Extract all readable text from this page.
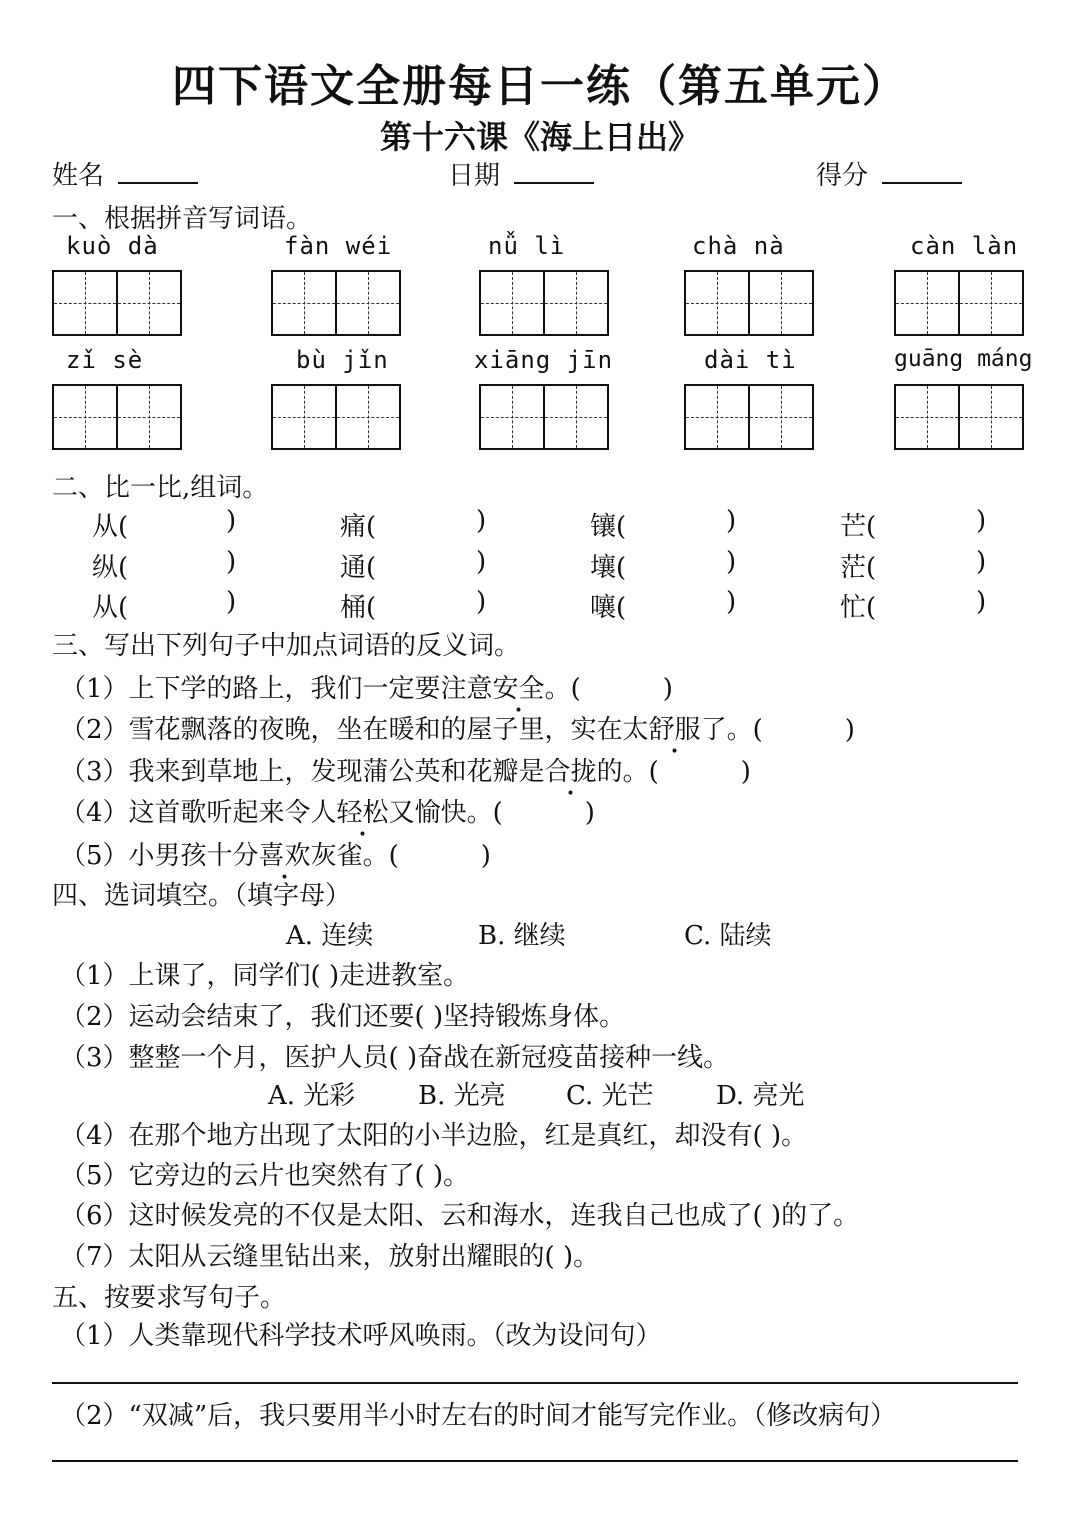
四下语文全册每日一练（第五单元）
第十六课《海上日出》
姓名	日期	得分
一、根据拼音写词语。
kuò dà	fàn wéi	nǚ lì	chà nà	càn làn
zǐ sè	bù jǐn	xiāng jīn	dài tì	guāng máng
二、比一比,组词。
从(	)	痛(	)	镶(	)	芒(	)
纵(	)	通(	)	壤(	)	茫(	)
从(	)	桶(	)	嚷(	)	忙(	)
三、写出下列句子中加点词语的反义词。
（1）上下学的路上，我们一定要注意安全。(	)
（2）雪花飘落的夜晚，坐在暖和的屋子里，实在太舒服了。(	)
（3）我来到草地上，发现蒲公英和花瓣是合拢的。(	)
（4）这首歌听起来令人轻松又愉快。(	)
（5）小男孩十分喜欢灰雀。(	)
四、选词填空。（填字母）
A. 连续	B. 继续	C. 陆续
（1）上课了，同学们( )走进教室。
（2）运动会结束了，我们还要( )坚持锻炼身体。
（3）整整一个月，医护人员( )奋战在新冠疫苗接种一线。
A. 光彩 B. 光亮 C. 光芒 D. 亮光
（4）在那个地方出现了太阳的小半边脸，红是真红，却没有( )。
（5）它旁边的云片也突然有了( )。
（6）这时候发亮的不仅是太阳、云和海水，连我自己也成了( )的了。
（7）太阳从云缝里钻出来，放射出耀眼的( )。
五、按要求写句子。
（1）人类靠现代科学技术呼风唤雨。（改为设问句）
（2）“双减”后，我只要用半小时左右的时间才能写完作业。（修改病句）
